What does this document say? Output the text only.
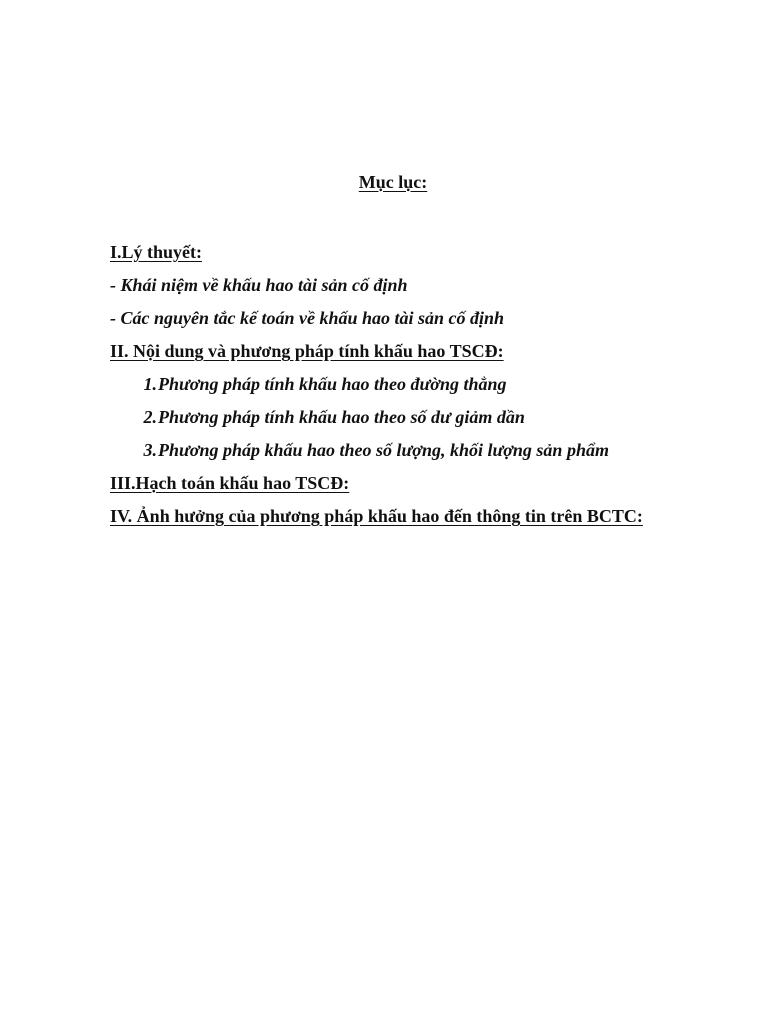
Mục lục:
I.Lý thuyết:
- Khái niệm về khấu hao tài sản cố định
- Các nguyên tắc kế toán về khấu hao tài sản cố định
II. Nội dung và phương pháp tính khấu hao TSCĐ:
1. Phương pháp tính khấu hao theo đường thẳng
2. Phương pháp tính khấu hao theo số dư giảm dần
3. Phương pháp khấu hao theo số lượng, khối lượng sản phẩm
III.Hạch toán khấu hao TSCĐ:
IV. Ảnh hưởng của phương pháp khấu hao đến thông tin trên BCTC:
